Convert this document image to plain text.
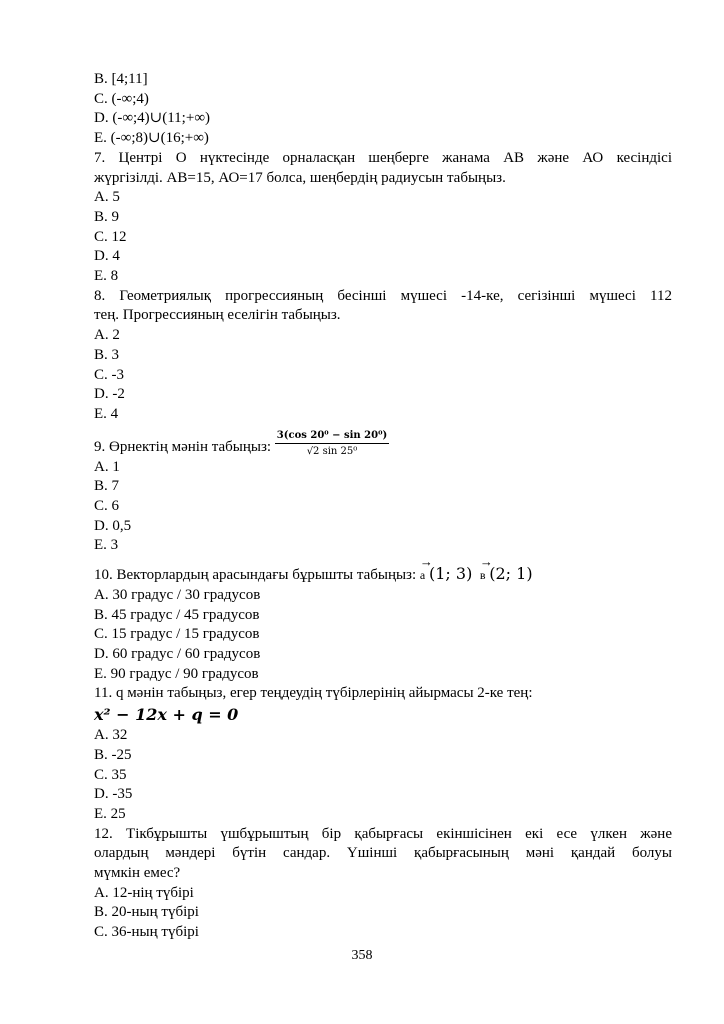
B. [4;11]
C. (-∞;4)
D. (-∞;4)∪(11;+∞)
E. (-∞;8)∪(16;+∞)
7. Центрі О нүктесінде орналасқан шеңберге жанама АВ және АО кесіндісі
жүргізілді. АВ=15, АО=17 болса, шеңбердің радиусын табыңыз.
A. 5
B. 9
C. 12
D. 4
E. 8
8. Геометриялық прогрессияның бесінші мүшесі -14-ке, сегізінші мүшесі 112
тең. Прогрессияның еселігін табыңыз.
A. 2
B. 3
C. -3
D. -2
E. 4
9. Өрнектің мәнін табыңыз: $\frac{\text{3(cos 20⁰ − sin 20⁰)}}{\text{√2 sin 25⁰}}$
A. 1
B. 7
C. 6
D. 0,5
E. 3
10. Векторлардың арасындағы бұрышты табыңыз:
→
а (1; 3)
→
в (2; 1)
A. 30 градус / 30 градусов
B. 45 градус / 45 градусов
C. 15 градус / 15 градусов
D. 60 градус / 60 градусов
E. 90 градус / 90 градусов
11. q мәнін табыңыз, егер теңдеудің түбірлерінің айырмасы 2-ке тең:
x² − 12x + q = 0
A. 32
B. -25
C. 35
D. -35
E. 25
12. Тікбұрышты үшбұрыштың бір қабырғасы екіншісінен екі есе үлкен және
олардың мәндері бүтін сандар. Үшінші қабырғасының мәні қандай болуы
мүмкін емес?
A. 12-нің түбірі
B. 20-ның түбірі
C. 36-ның түбірі
358
